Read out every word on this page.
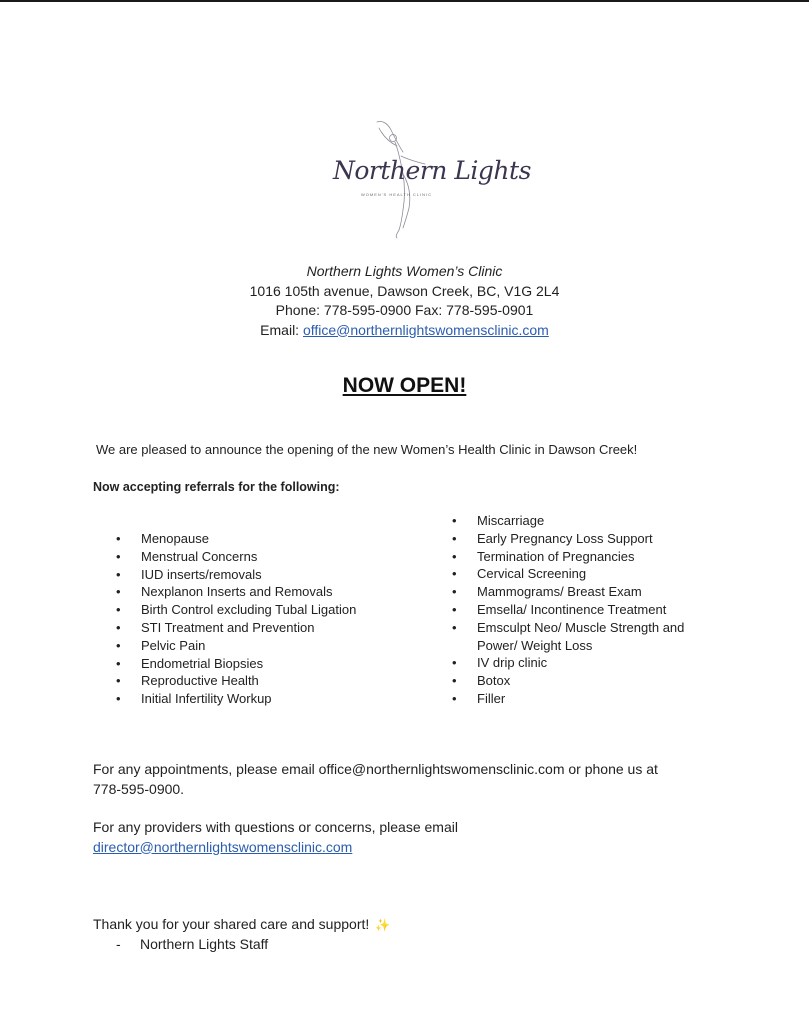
Northern Lights
WOMEN'S HEALTH CLINIC
Northern Lights Women’s Clinic
1016 105th avenue, Dawson Creek, BC, V1G 2L4
Phone: 778-595-0900 Fax: 778-595-0901
Email: office@northernlightswomensclinic.com
NOW OPEN!
We are pleased to announce the opening of the new Women’s Health Clinic in Dawson Creek!
Now accepting referrals for the following:
• Menopause
• Menstrual Concerns
• IUD inserts/removals
• Nexplanon Inserts and Removals
• Birth Control excluding Tubal Ligation
• STI Treatment and Prevention
• Pelvic Pain
• Endometrial Biopsies
• Reproductive Health
• Initial Infertility Workup
• Miscarriage
• Early Pregnancy Loss Support
• Termination of Pregnancies
• Cervical Screening
• Mammograms/ Breast Exam
• Emsella/ Incontinence Treatment
• Emsculpt Neo/ Muscle Strength and
Power/ Weight Loss
• IV drip clinic
• Botox
• Filler
For any appointments, please email office@northernlightswomensclinic.com or phone us at
778-595-0900.
For any providers with questions or concerns, please email
director@northernlightswomensclinic.com
Thank you for your shared care and support! ✨
- Northern Lights Staff
